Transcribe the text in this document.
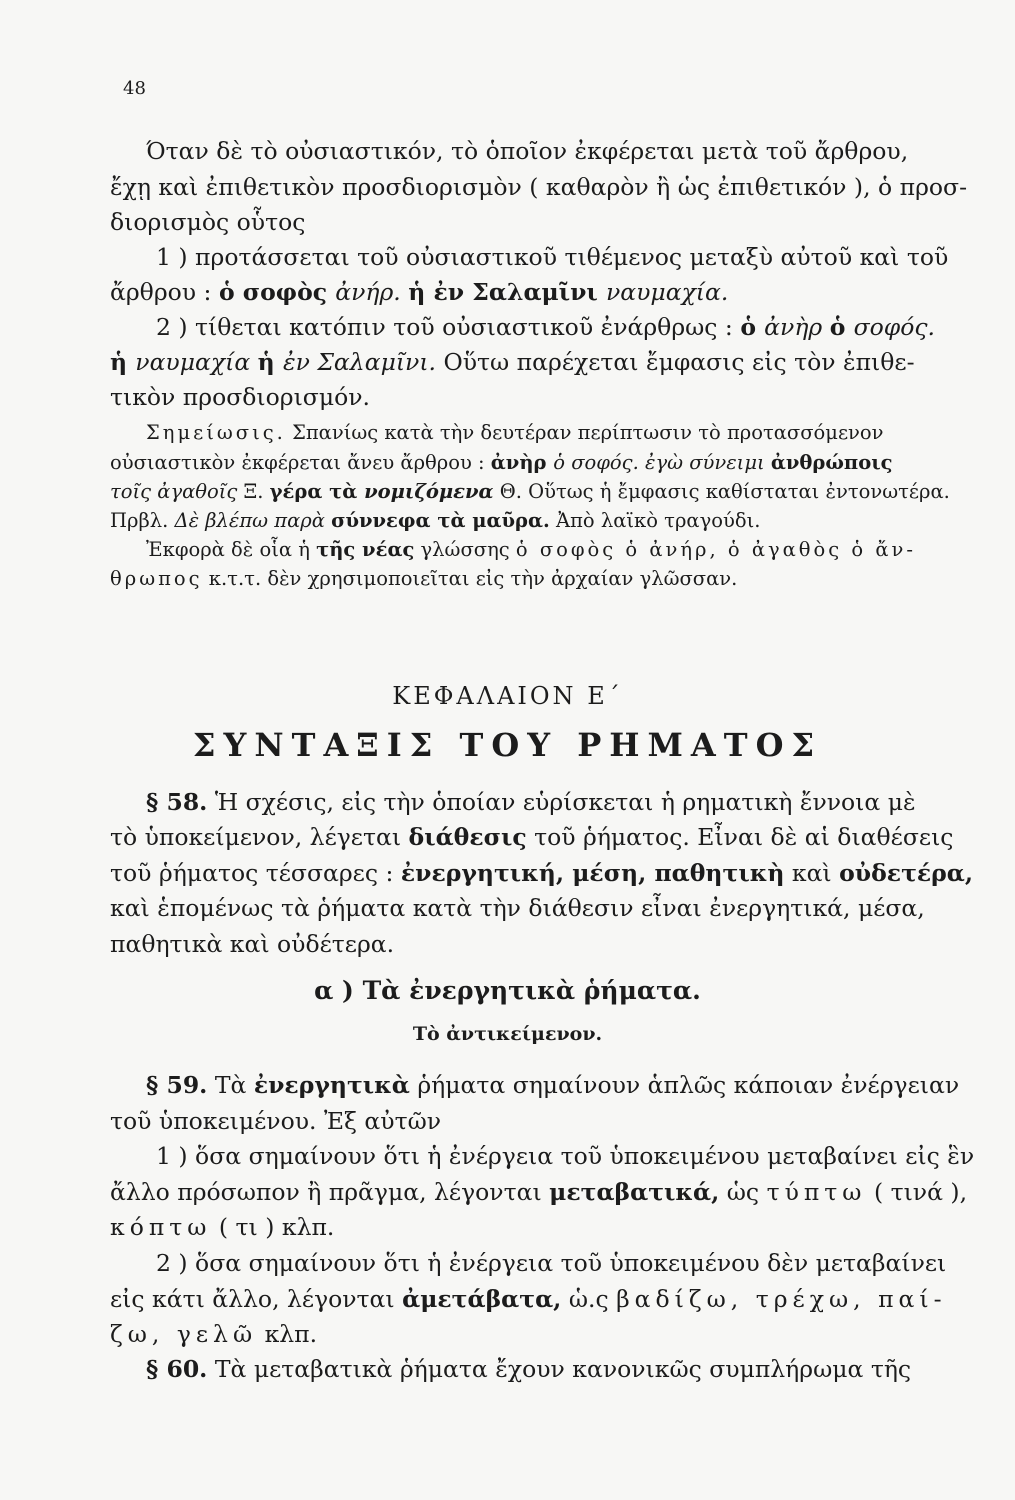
48
Όταν δὲ τὸ οὐσιαστικόν, τὸ ὁποῖον ἐκφέρεται μετὰ τοῦ ἄρθρου,
ἔχῃ καὶ ἐπιθετικὸν προσδιορισμὸν ( καθαρὸν ἢ ὡς ἐπιθετικόν ), ὁ προσ-
διορισμὸς οὗτος
1 ) προτάσσεται τοῦ οὐσιαστικοῦ τιθέμενος μεταξὺ αὐτοῦ καὶ τοῦ
ἄρθρου : ὁ σοφὸς ἀνήρ. ἡ ἐν Σαλαμῖνι ναυμαχία.
2 ) τίθεται κατόπιν τοῦ οὐσιαστικοῦ ἐνάρθρως : ὁ ἀνὴρ ὁ σοφός.
ἡ ναυμαχία ἡ ἐν Σαλαμῖνι. Οὕτω παρέχεται ἔμφασις εἰς τὸν ἐπιθε-
τικὸν προσδιορισμόν.
Σημείωσις. Σπανίως κατὰ τὴν δευτέραν περίπτωσιν τὸ προτασσόμενον
οὐσιαστικὸν ἐκφέρεται ἄνευ ἄρθρου : ἀνὴρ ὁ σοφός. ἐγὼ σύνειμι ἀνθρώποις
τοῖς ἀγαθοῖς Ξ. γέρα τὰ νομιζόμενα Θ. Οὕτως ἡ ἔμφασις καθίσταται ἐντονωτέρα.
Πρβλ. Δὲ βλέπω παρὰ σύννεφα τὰ μαῦρα. Ἀπὸ λαϊκὸ τραγούδι.
Ἐκφορὰ δὲ οἷα ἡ τῆς νέας γλώσσης ὁ σοφὸς ὁ ἀνήρ, ὁ ἀγαθὸς ὁ ἄν-
θρωπος κ.τ.τ. δὲν χρησιμοποιεῖται εἰς τὴν ἀρχαίαν γλῶσσαν.
ΚΕΦΑΛΑΙΟΝ Ε΄
ΣΥΝΤΑΞΙΣ ΤΟΥ ΡΗΜΑΤΟΣ
§ 58. Ἡ σχέσις, εἰς τὴν ὁποίαν εὑρίσκεται ἡ ρηματικὴ ἔννοια μὲ
τὸ ὑποκείμενον, λέγεται διάθεσις τοῦ ῥήματος. Εἶναι δὲ αἱ διαθέσεις
τοῦ ῥήματος τέσσαρες : ἐνεργητική, μέση, παθητικὴ καὶ οὐδετέρα,
καὶ ἑπομένως τὰ ῥήματα κατὰ τὴν διάθεσιν εἶναι ἐνεργητικά, μέσα,
παθητικὰ καὶ οὐδέτερα.
α ) Τὰ ἐνεργητικὰ ῥήματα.
Τὸ ἀντικείμενον.
§ 59. Τὰ ἐνεργητικὰ ῥήματα σημαίνουν ἁπλῶς κάποιαν ἐνέργειαν
τοῦ ὑποκειμένου. Ἐξ αὐτῶν
1 ) ὅσα σημαίνουν ὅτι ἡ ἐνέργεια τοῦ ὑποκειμένου μεταβαίνει εἰς ἓν
ἄλλο πρόσωπον ἢ πρᾶγμα, λέγονται μεταβατικά, ὡς τύπτω ( τινά ),
κόπτω ( τι ) κλπ.
2 ) ὅσα σημαίνουν ὅτι ἡ ἐνέργεια τοῦ ὑποκειμένου δὲν μεταβαίνει
εἰς κάτι ἄλλο, λέγονται ἀμετάβατα, ὡ.ς βαδίζω, τρέχω, παί-
ζω, γελῶ κλπ.
§ 60. Τὰ μεταβατικὰ ῥήματα ἔχουν κανονικῶς συμπλήρωμα τῆς
